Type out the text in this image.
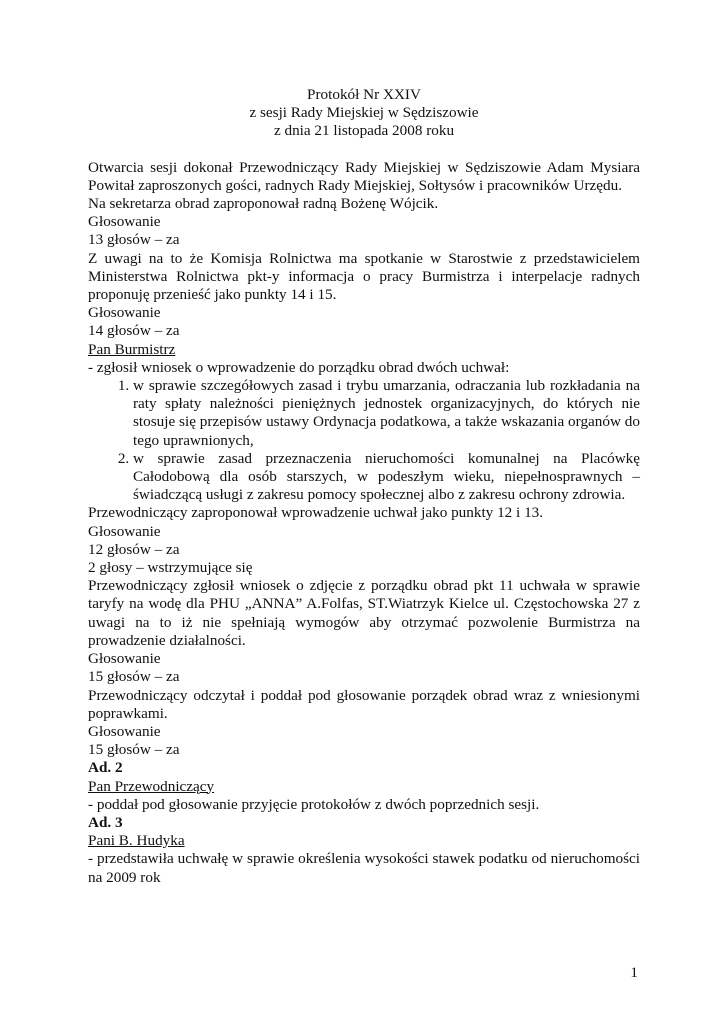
Protokół Nr XXIV
z sesji Rady Miejskiej w Sędziszowie
z dnia 21 listopada 2008 roku
Otwarcia sesji dokonał Przewodniczący Rady Miejskiej w Sędziszowie Adam Mysiara Powitał zaproszonych gości, radnych Rady Miejskiej, Sołtysów i pracowników Urzędu.
Na sekretarza obrad zaproponował radną Bożenę Wójcik.
Głosowanie
13 głosów – za
Z uwagi na to że Komisja Rolnictwa ma spotkanie w Starostwie z przedstawicielem Ministerstwa Rolnictwa pkt-y informacja o pracy Burmistrza i interpelacje radnych proponuję przenieść jako punkty 14 i 15.
Głosowanie
14 głosów – za
Pan Burmistrz
- zgłosił wniosek o wprowadzenie do porządku obrad dwóch uchwał:
1. w sprawie szczegółowych zasad i trybu umarzania, odraczania lub rozkładania na raty spłaty należności pieniężnych jednostek organizacyjnych, do których nie stosuje się przepisów ustawy Ordynacja podatkowa, a także wskazania organów do tego uprawnionych,
2. w sprawie zasad przeznaczenia nieruchomości komunalnej na Placówkę Całodobową dla osób starszych, w podeszłym wieku, niepełnosprawnych – świadczącą usługi z zakresu pomocy społecznej albo z zakresu ochrony zdrowia.
Przewodniczący zaproponował wprowadzenie uchwał jako punkty 12 i 13.
Głosowanie
12 głosów – za
2 głosy – wstrzymujące się
Przewodniczący zgłosił wniosek o zdjęcie z porządku obrad pkt 11 uchwała w sprawie taryfy na wodę dla PHU „ANNA” A.Folfas, ST.Wiatrzyk Kielce ul. Częstochowska 27 z uwagi na to iż nie spełniają wymogów aby otrzymać pozwolenie Burmistrza na prowadzenie działalności.
Głosowanie
15 głosów – za
Przewodniczący odczytał i poddał pod głosowanie porządek obrad wraz z wniesionymi poprawkami.
Głosowanie
15 głosów – za
Ad. 2
Pan Przewodniczący
- poddał pod głosowanie przyjęcie protokołów z dwóch poprzednich sesji.
Ad. 3
Pani B. Hudyka
- przedstawiła uchwałę w sprawie określenia wysokości stawek podatku od nieruchomości na 2009 rok
1
